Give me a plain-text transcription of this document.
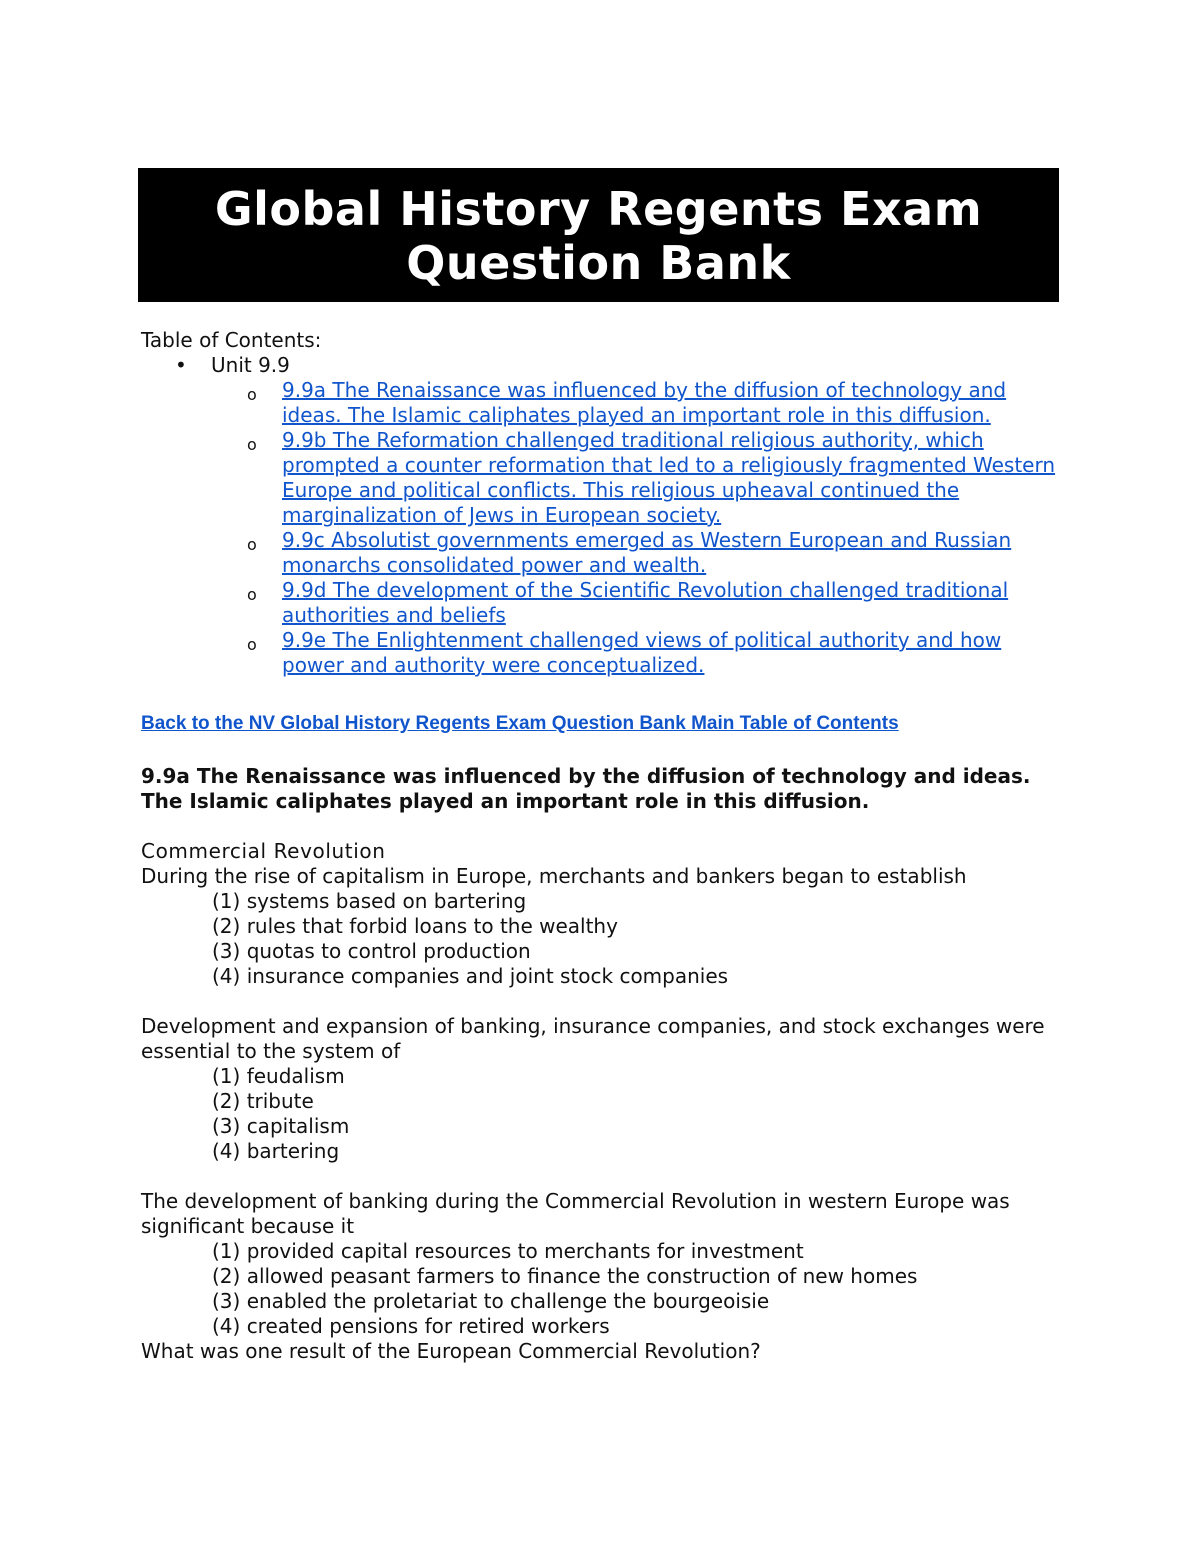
Global History Regents Exam
Question Bank
Table of Contents:
• Unit 9.9
o 9.9a The Renaissance was influenced by the diffusion of technology and ideas. The Islamic caliphates played an important role in this diffusion.
o 9.9b The Reformation challenged traditional religious authority, which prompted a counter reformation that led to a religiously fragmented Western Europe and political conflicts. This religious upheaval continued the marginalization of Jews in European society.
o 9.9c Absolutist governments emerged as Western European and Russian monarchs consolidated power and wealth.
o 9.9d The development of the Scientific Revolution challenged traditional authorities and beliefs
o 9.9e The Enlightenment challenged views of political authority and how power and authority were conceptualized.
Back to the NV Global History Regents Exam Question Bank Main Table of Contents
9.9a The Renaissance was influenced by the diffusion of technology and ideas. The Islamic caliphates played an important role in this diffusion.
Commercial Revolution
During the rise of capitalism in Europe, merchants and bankers began to establish
(1) systems based on bartering
(2) rules that forbid loans to the wealthy
(3) quotas to control production
(4) insurance companies and joint stock companies
Development and expansion of banking, insurance companies, and stock exchanges were essential to the system of
(1) feudalism
(2) tribute
(3) capitalism
(4) bartering
The development of banking during the Commercial Revolution in western Europe was significant because it
(1) provided capital resources to merchants for investment
(2) allowed peasant farmers to finance the construction of new homes
(3) enabled the proletariat to challenge the bourgeoisie
(4) created pensions for retired workers
What was one result of the European Commercial Revolution?
